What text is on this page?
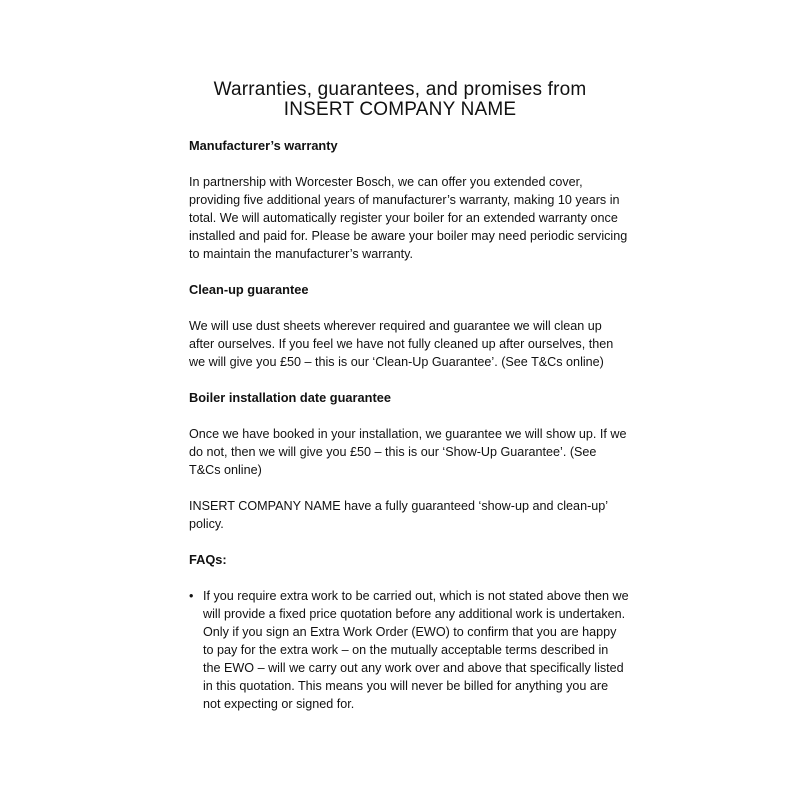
Warranties, guarantees, and promises from
INSERT COMPANY NAME

Manufacturer’s warranty

In partnership with Worcester Bosch, we can offer you extended cover, providing five additional years of manufacturer’s warranty, making 10 years in total. We will automatically register your boiler for an extended warranty once installed and paid for. Please be aware your boiler may need periodic servicing to maintain the manufacturer’s warranty.

Clean-up guarantee

We will use dust sheets wherever required and guarantee we will clean up after ourselves. If you feel we have not fully cleaned up after ourselves, then we will give you £50 – this is our ‘Clean-Up Guarantee’. (See T&Cs online)

Boiler installation date guarantee

Once we have booked in your installation, we guarantee we will show up. If we do not, then we will give you £50 – this is our ‘Show-Up Guarantee’. (See T&Cs online)

INSERT COMPANY NAME have a fully guaranteed ‘show-up and clean-up’ policy.

FAQs:

• If you require extra work to be carried out, which is not stated above then we will provide a fixed price quotation before any additional work is undertaken. Only if you sign an Extra Work Order (EWO) to confirm that you are happy to pay for the extra work – on the mutually acceptable terms described in the EWO – will we carry out any work over and above that specifically listed in this quotation. This means you will never be billed for anything you are not expecting or signed for.
